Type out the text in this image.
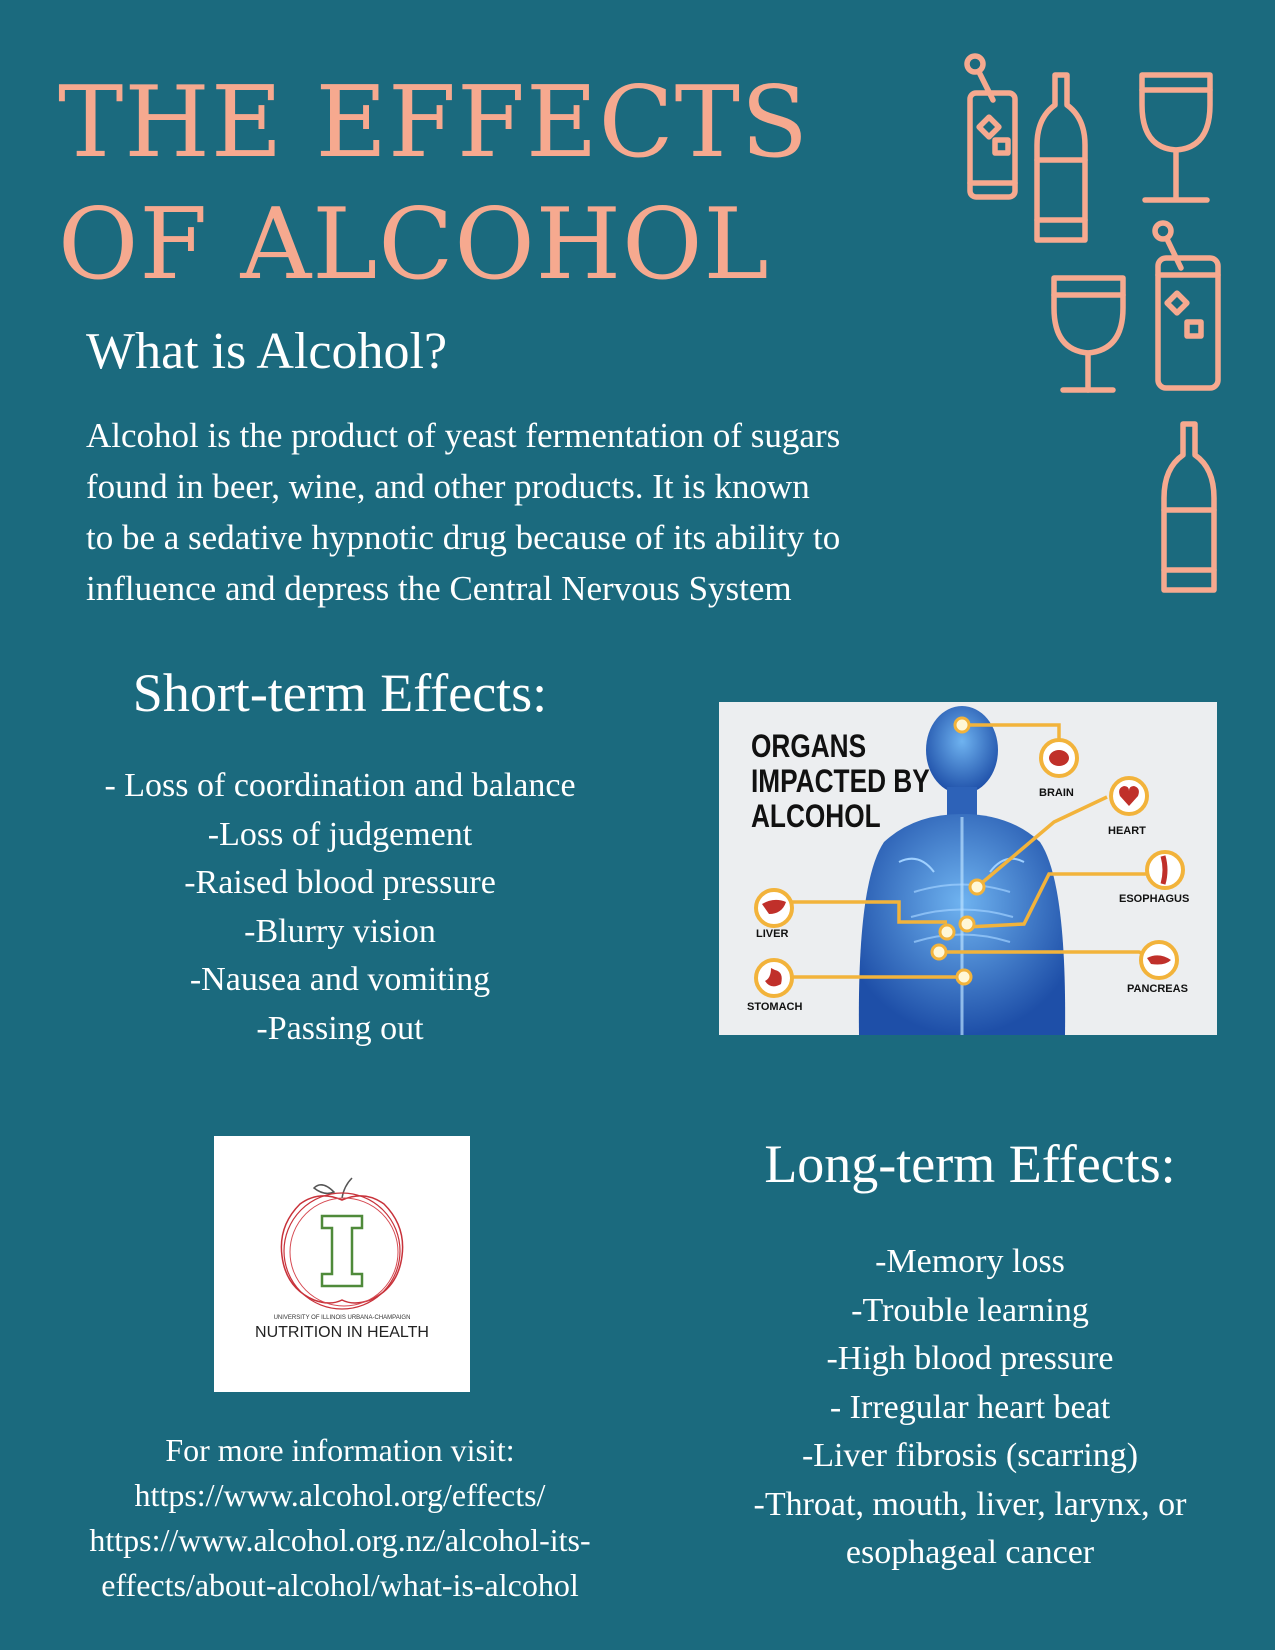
THE EFFECTS
OF ALCOHOL
What is Alcohol?
Alcohol is the product of yeast fermentation of sugars
found in beer, wine, and other products. It is known
to be a sedative hypnotic drug because of its ability to
influence and depress the Central Nervous System
Short-term Effects:
- Loss of coordination and balance
-Loss of judgement
-Raised blood pressure
-Blurry vision
-Nausea and vomiting
-Passing out
ORGANS
IMPACTED BY
ALCOHOL
BRAIN
HEART
ESOPHAGUS
LIVER
STOMACH
PANCREAS
UNIVERSITY OF ILLINOIS URBANA-CHAMPAIGN
NUTRITION IN HEALTH
Long-term Effects:
-Memory loss
-Trouble learning
-High blood pressure
- Irregular heart beat
-Liver fibrosis (scarring)
-Throat, mouth, liver, larynx, or
esophageal cancer
For more information visit:
https://www.alcohol.org/effects/
https://www.alcohol.org.nz/alcohol-its-
effects/about-alcohol/what-is-alcohol
